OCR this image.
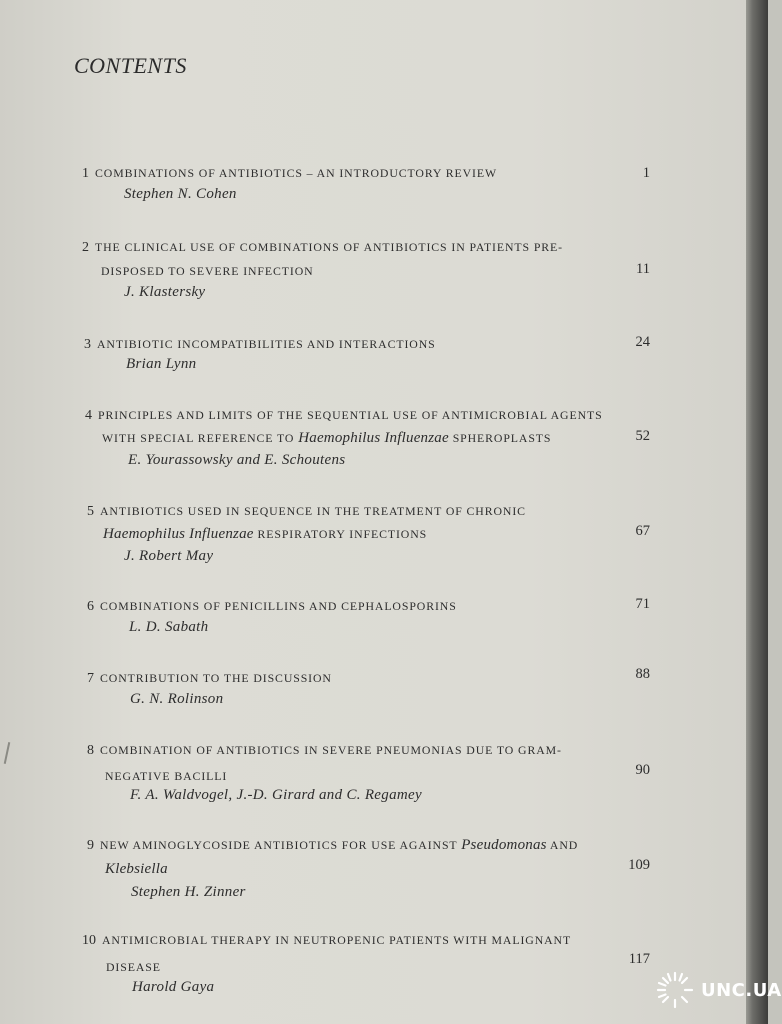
CONTENTS
1 COMBINATIONS OF ANTIBIOTICS – AN INTRODUCTORY REVIEW
Stephen N. Cohen
1
2 THE CLINICAL USE OF COMBINATIONS OF ANTIBIOTICS IN PATIENTS PRE-
DISPOSED TO SEVERE INFECTION
J. Klastersky
11
3 ANTIBIOTIC INCOMPATIBILITIES AND INTERACTIONS
Brian Lynn
24
4 PRINCIPLES AND LIMITS OF THE SEQUENTIAL USE OF ANTIMICROBIAL AGENTS
WITH SPECIAL REFERENCE TO Haemophilus Influenzae SPHEROPLASTS
E. Yourassowsky and E. Schoutens
52
5 ANTIBIOTICS USED IN SEQUENCE IN THE TREATMENT OF CHRONIC
Haemophilus Influenzae RESPIRATORY INFECTIONS
J. Robert May
67
6 COMBINATIONS OF PENICILLINS AND CEPHALOSPORINS
L. D. Sabath
71
7 CONTRIBUTION TO THE DISCUSSION
G. N. Rolinson
88
8 COMBINATION OF ANTIBIOTICS IN SEVERE PNEUMONIAS DUE TO GRAM-
NEGATIVE BACILLI
F. A. Waldvogel, J.-D. Girard and C. Regamey
90
9 NEW AMINOGLYCOSIDE ANTIBIOTICS FOR USE AGAINST Pseudomonas AND
Klebsiella
Stephen H. Zinner
109
10 ANTIMICROBIAL THERAPY IN NEUTROPENIC PATIENTS WITH MALIGNANT
DISEASE
Harold Gaya
117
UNC.UA
